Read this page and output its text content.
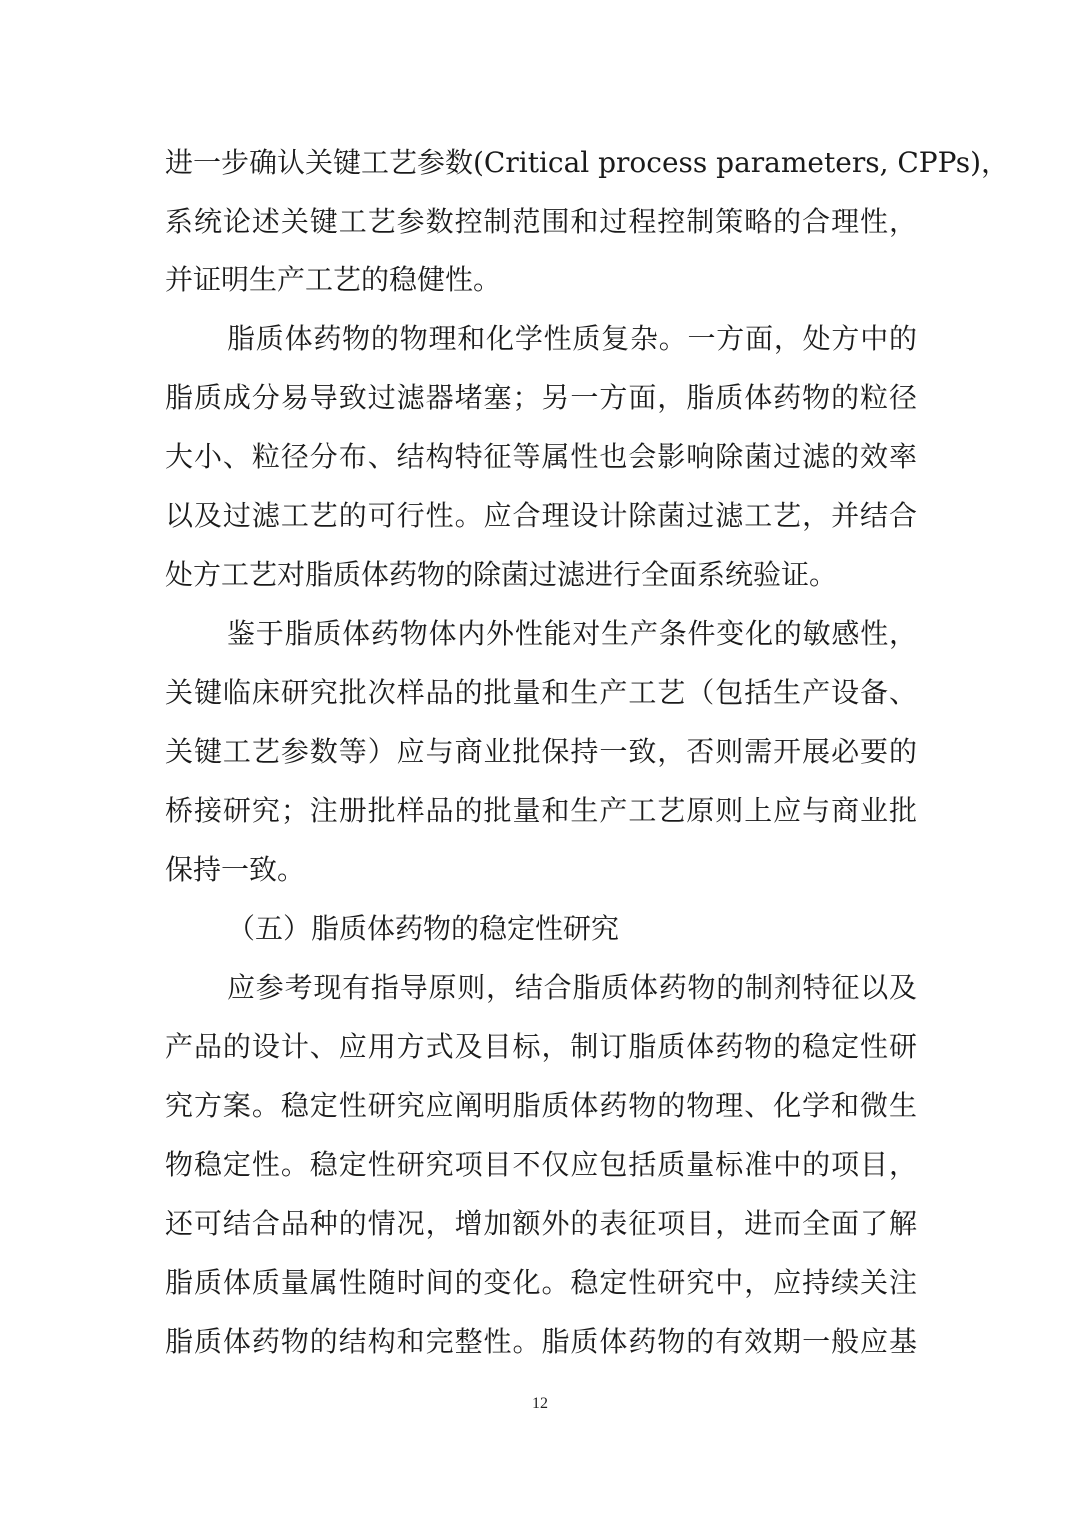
进一步确认关键工艺参数(Critical process parameters, CPPs)，
系统论述关键工艺参数控制范围和过程控制策略的合理性，
并证明生产工艺的稳健性。
脂质体药物的物理和化学性质复杂。一方面，处方中的
脂质成分易导致过滤器堵塞；另一方面，脂质体药物的粒径
大小、粒径分布、结构特征等属性也会影响除菌过滤的效率
以及过滤工艺的可行性。应合理设计除菌过滤工艺，并结合
处方工艺对脂质体药物的除菌过滤进行全面系统验证。
鉴于脂质体药物体内外性能对生产条件变化的敏感性，
关键临床研究批次样品的批量和生产工艺（包括生产设备、
关键工艺参数等）应与商业批保持一致，否则需开展必要的
桥接研究；注册批样品的批量和生产工艺原则上应与商业批
保持一致。
（五）脂质体药物的稳定性研究
应参考现有指导原则，结合脂质体药物的制剂特征以及
产品的设计、应用方式及目标，制订脂质体药物的稳定性研
究方案。稳定性研究应阐明脂质体药物的物理、化学和微生
物稳定性。稳定性研究项目不仅应包括质量标准中的项目，
还可结合品种的情况，增加额外的表征项目，进而全面了解
脂质体质量属性随时间的变化。稳定性研究中，应持续关注
脂质体药物的结构和完整性。脂质体药物的有效期一般应基
12
